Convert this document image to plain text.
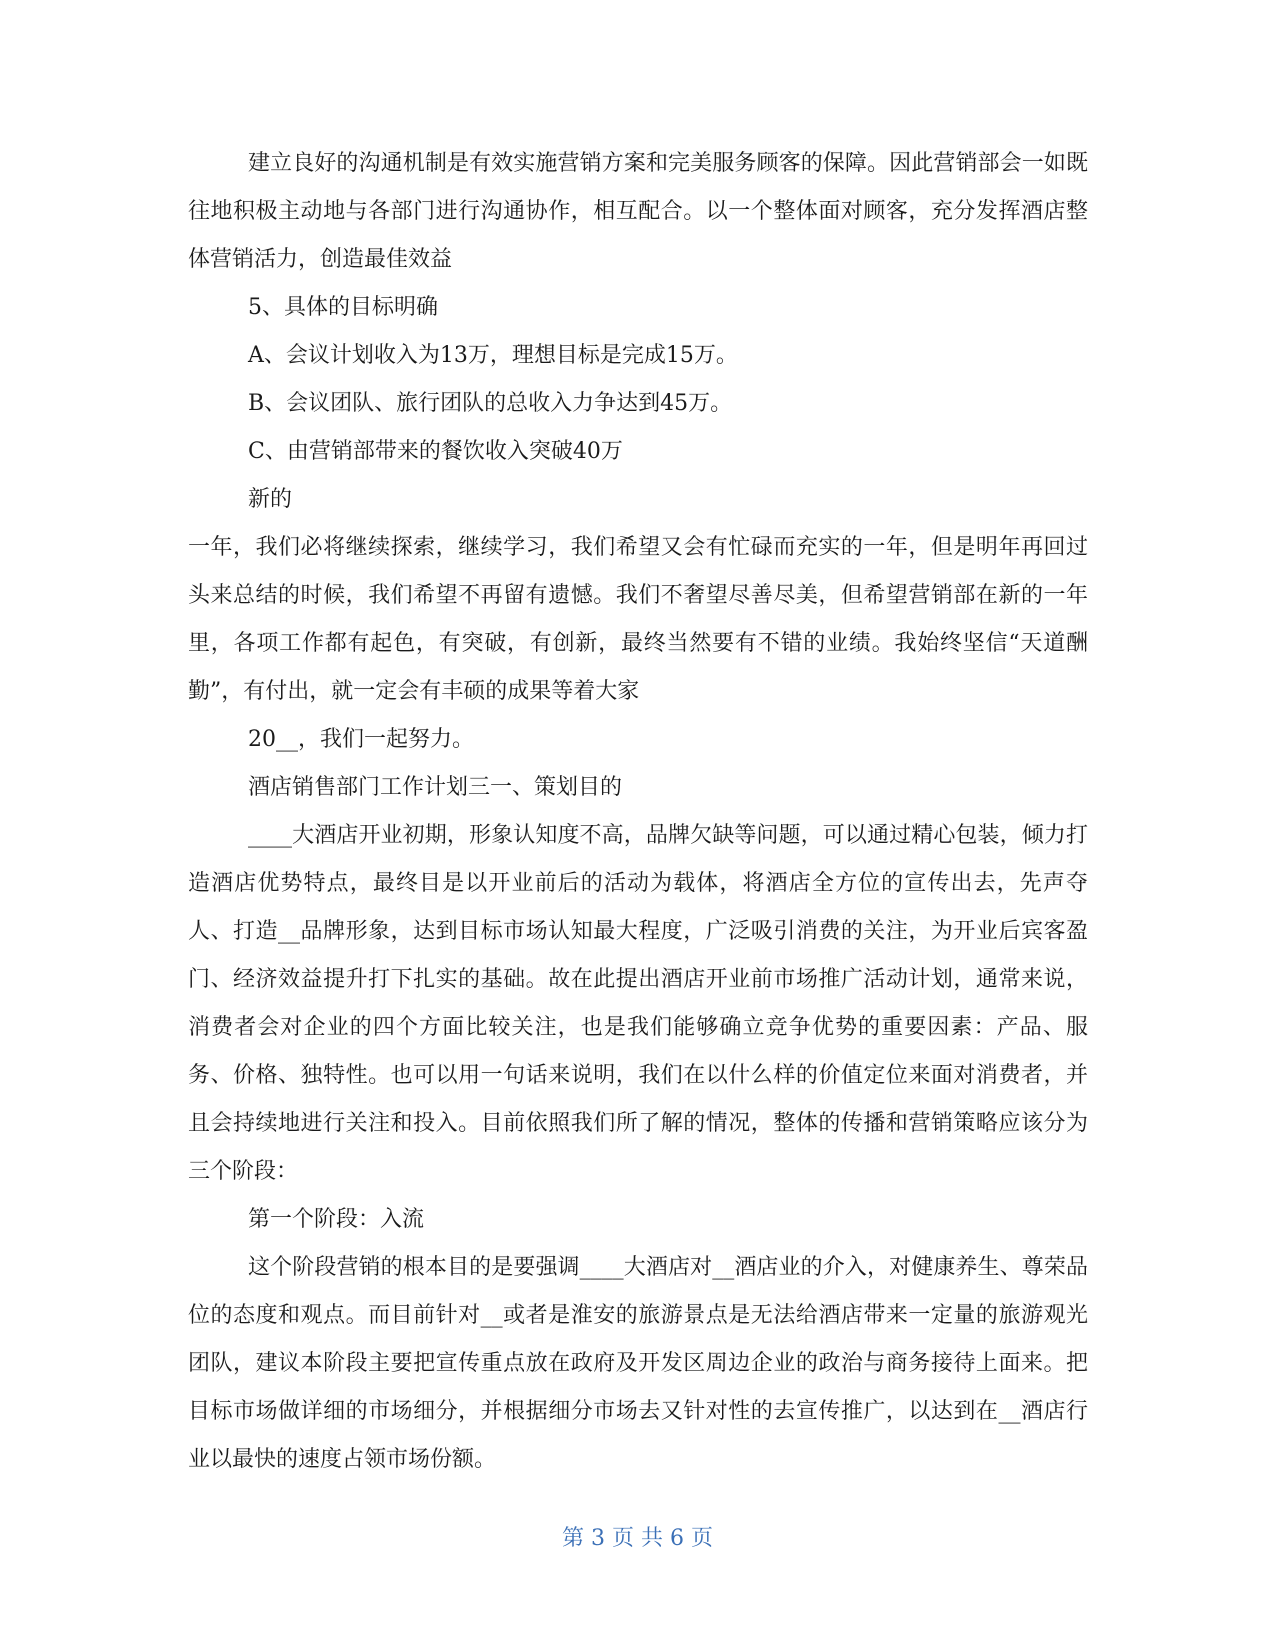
建立良好的沟通机制是有效实施营销方案和完美服务顾客的保障。因此营销部会一如既往地积极主动地与各部门进行沟通协作，相互配合。以一个整体面对顾客，充分发挥酒店整体营销活力，创造最佳效益

5、具体的目标明确

A、会议计划收入为13万，理想目标是完成15万。

B、会议团队、旅行团队的总收入力争达到45万。

C、由营销部带来的餐饮收入突破40万

新的

一年，我们必将继续探索，继续学习，我们希望又会有忙碌而充实的一年，但是明年再回过头来总结的时候，我们希望不再留有遗憾。我们不奢望尽善尽美，但希望营销部在新的一年里，各项工作都有起色，有突破，有创新，最终当然要有不错的业绩。我始终坚信“天道酬勤”，有付出，就一定会有丰硕的成果等着大家

20__，我们一起努力。

酒店销售部门工作计划三一、策划目的

____大酒店开业初期，形象认知度不高，品牌欠缺等问题，可以通过精心包装，倾力打造酒店优势特点，最终目是以开业前后的活动为载体，将酒店全方位的宣传出去，先声夺人、打造__品牌形象，达到目标市场认知最大程度，广泛吸引消费的关注，为开业后宾客盈门、经济效益提升打下扎实的基础。故在此提出酒店开业前市场推广活动计划，通常来说，消费者会对企业的四个方面比较关注，也是我们能够确立竞争优势的重要因素：产品、服务、价格、独特性。也可以用一句话来说明，我们在以什么样的价值定位来面对消费者，并且会持续地进行关注和投入。目前依照我们所了解的情况，整体的传播和营销策略应该分为三个阶段：

第一个阶段：入流

这个阶段营销的根本目的是要强调____大酒店对__酒店业的介入，对健康养生、尊荣品位的态度和观点。而目前针对__或者是淮安的旅游景点是无法给酒店带来一定量的旅游观光团队，建议本阶段主要把宣传重点放在政府及开发区周边企业的政治与商务接待上面来。把目标市场做详细的市场细分，并根据细分市场去又针对性的去宣传推广，以达到在__酒店行业以最快的速度占领市场份额。

第 3 页 共 6 页
